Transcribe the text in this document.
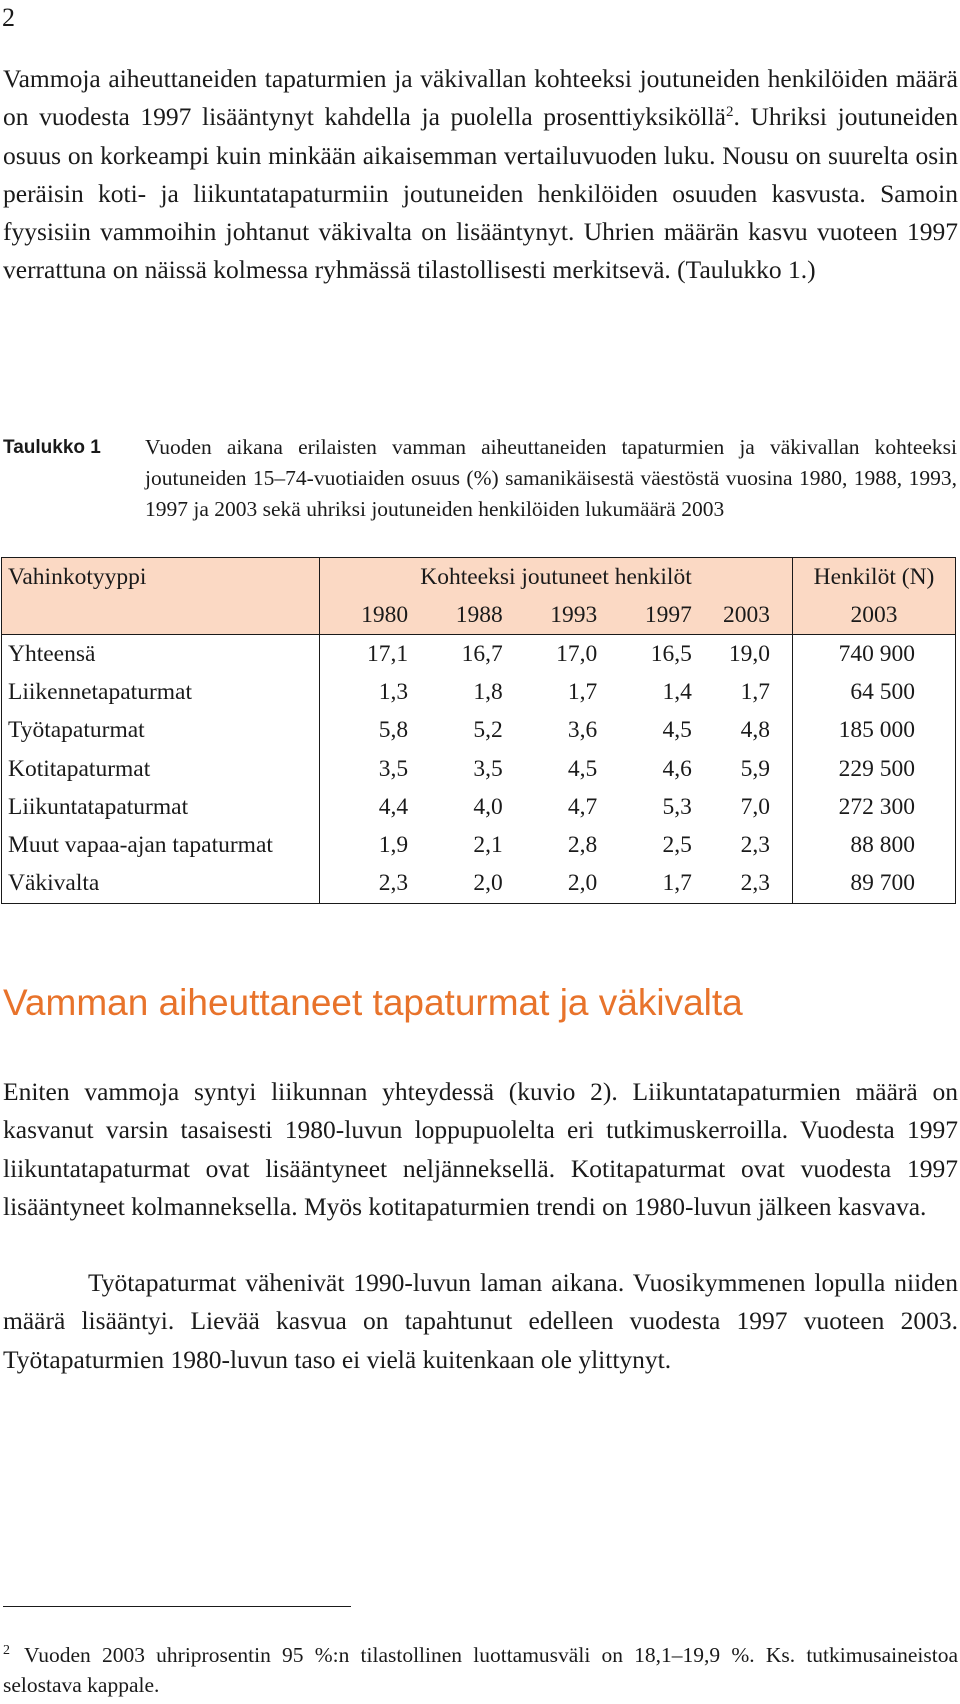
2

Vammoja aiheuttaneiden tapaturmien ja väkivallan kohteeksi joutuneiden henkilöiden määrä on vuodesta 1997 lisääntynyt kahdella ja puolella prosenttiyksiköllä$^2$. Uhriksi joutuneiden osuus on korkeampi kuin minkään aikaisemman vertailuvuoden luku. Nousu on suurelta osin peräisin koti- ja liikuntatapaturmiin joutuneiden henkilöiden osuuden kasvusta. Samoin fyysisiin vammoihin johtanut väkivalta on lisääntynyt. Uhrien määrän kasvu vuoteen 1997 verrattuna on näissä kolmessa ryhmässä tilastollisesti merkitsevä. (Taulukko 1.)

Taulukko 1 Vuoden aikana erilaisten vamman aiheuttaneiden tapaturmien ja väkivallan kohteeksi joutuneiden 15–74-vuotiaiden osuus (%) samanikäisestä väestöstä vuosina 1980, 1988, 1993, 1997 ja 2003 sekä uhriksi joutuneiden henkilöiden lukumäärä 2003

Vahinkotyyppi	Kohteeksi joutuneet henkilöt					Henkilöt (N)
	1980	1988	1993	1997	2003	2003
Yhteensä	17,1	16,7	17,0	16,5	19,0	740 900
Liikennetapaturmat	1,3	1,8	1,7	1,4	1,7	64 500
Työtapaturmat	5,8	5,2	3,6	4,5	4,8	185 000
Kotitapaturmat	3,5	3,5	4,5	4,6	5,9	229 500
Liikuntatapaturmat	4,4	4,0	4,7	5,3	7,0	272 300
Muut vapaa-ajan tapaturmat	1,9	2,1	2,8	2,5	2,3	88 800
Väkivalta	2,3	2,0	2,0	1,7	2,3	89 700
Vamman aiheuttaneet tapaturmat ja väkivalta

Eniten vammoja syntyi liikunnan yhteydessä (kuvio 2). Liikuntatapaturmien määrä on kasvanut varsin tasaisesti 1980-luvun loppupuolelta eri tutkimuskerroilla. Vuodesta 1997 liikuntatapaturmat ovat lisääntyneet neljänneksellä. Kotitapaturmat ovat vuodesta 1997 lisääntyneet kolmanneksella. Myös kotitapaturmien trendi on 1980-luvun jälkeen kasvava.

Työtapaturmat vähenivät 1990-luvun laman aikana. Vuosikymmenen lopulla niiden määrä lisääntyi. Lievää kasvua on tapahtunut edelleen vuodesta 1997 vuoteen 2003. Työtapaturmien 1980-luvun taso ei vielä kuitenkaan ole ylittynyt.

$^2$ Vuoden 2003 uhriprosentin 95 %:n tilastollinen luottamusväli on 18,1–19,9 %. Ks. tutkimusaineistoa selostava kappale.
